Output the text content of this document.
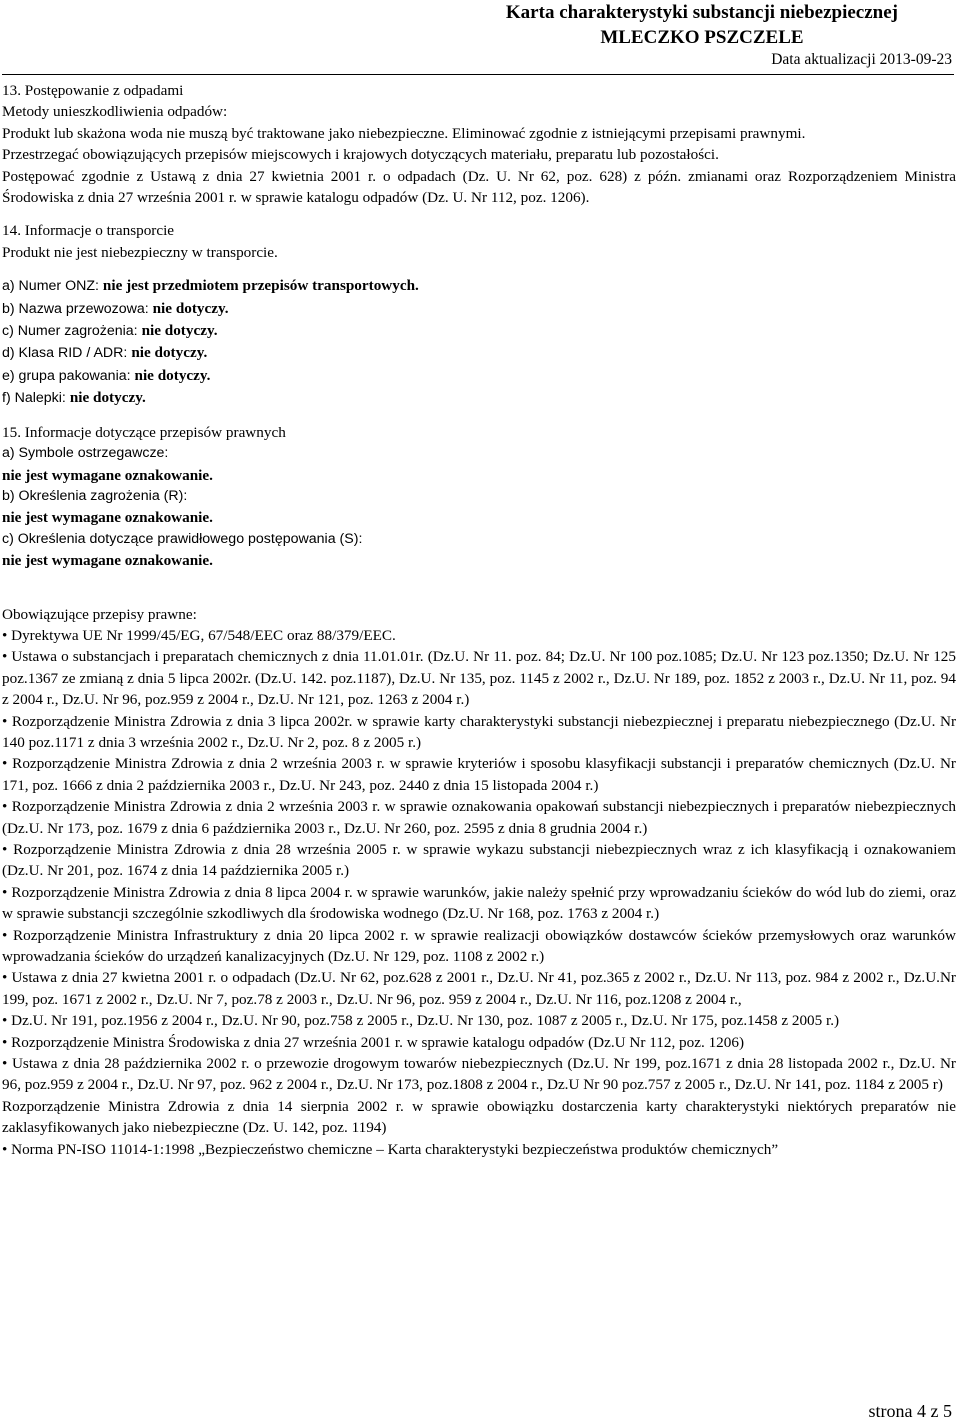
Karta charakterystyki substancji niebezpiecznej
MLECZKO PSZCZELE
Data aktualizacji 2013-09-23

13. Postępowanie z odpadami

Metody unieszkodliwienia odpadów:

Produkt lub skażona woda nie muszą być traktowane jako niebezpieczne. Eliminować zgodnie z istniejącymi przepisami prawnymi.

Przestrzegać obowiązujących przepisów miejscowych i krajowych dotyczących materiału, preparatu lub pozostałości.

Postępować zgodnie z Ustawą z dnia 27 kwietnia 2001 r. o odpadach (Dz. U. Nr 62, poz. 628) z późn. zmianami oraz Rozporządzeniem Ministra Środowiska z dnia 27 września 2001 r. w sprawie katalogu odpadów (Dz. U. Nr 112, poz. 1206).

14. Informacje o transporcie

Produkt nie jest niebezpieczny w transporcie.

a) Numer ONZ: nie jest przedmiotem przepisów transportowych.

b) Nazwa przewozowa: nie dotyczy.

c) Numer zagrożenia: nie dotyczy.

d) Klasa RID / ADR: nie dotyczy.

e) grupa pakowania: nie dotyczy.

f) Nalepki: nie dotyczy.

15. Informacje dotyczące przepisów prawnych

a) Symbole ostrzegawcze:

nie jest wymagane oznakowanie.

b) Określenia zagrożenia (R):

nie jest wymagane oznakowanie.

c) Określenia dotyczące prawidłowego postępowania (S):

nie jest wymagane oznakowanie.

Obowiązujące przepisy prawne:

• Dyrektywa UE Nr 1999/45/EG, 67/548/EEC oraz 88/379/EEC.

• Ustawa o substancjach i preparatach chemicznych z dnia 11.01.01r. (Dz.U. Nr 11. poz. 84; Dz.U. Nr 100 poz.1085; Dz.U. Nr 123 poz.1350; Dz.U. Nr 125 poz.1367 ze zmianą z dnia 5 lipca 2002r. (Dz.U. 142. poz.1187), Dz.U. Nr 135, poz. 1145 z 2002 r., Dz.U. Nr 189, poz. 1852 z 2003 r., Dz.U. Nr 11, poz. 94 z 2004 r., Dz.U. Nr 96, poz.959 z 2004 r., Dz.U. Nr 121, poz. 1263 z 2004 r.)

• Rozporządzenie Ministra Zdrowia z dnia 3 lipca 2002r. w sprawie karty charakterystyki substancji niebezpiecznej i preparatu niebezpiecznego (Dz.U. Nr 140 poz.1171 z dnia 3 września 2002 r., Dz.U. Nr 2, poz. 8 z 2005 r.)

• Rozporządzenie Ministra Zdrowia z dnia 2 września 2003 r. w sprawie kryteriów i sposobu klasyfikacji substancji i preparatów chemicznych (Dz.U. Nr 171, poz. 1666 z dnia 2 października 2003 r., Dz.U. Nr 243, poz. 2440 z dnia 15 listopada 2004 r.)

• Rozporządzenie Ministra Zdrowia z dnia 2 września 2003 r. w sprawie oznakowania opakowań substancji niebezpiecznych i preparatów niebezpiecznych (Dz.U. Nr 173, poz. 1679 z dnia 6 października 2003 r., Dz.U. Nr 260, poz. 2595 z dnia 8 grudnia 2004 r.)

• Rozporządzenie Ministra Zdrowia z dnia 28 września 2005 r. w sprawie wykazu substancji niebezpiecznych wraz z ich klasyfikacją i oznakowaniem (Dz.U. Nr 201, poz. 1674 z dnia 14 października 2005 r.)

• Rozporządzenie Ministra Zdrowia z dnia 8 lipca 2004 r. w sprawie warunków, jakie należy spełnić przy wprowadzaniu ścieków do wód lub do ziemi, oraz w sprawie substancji szczególnie szkodliwych dla środowiska wodnego (Dz.U. Nr 168, poz. 1763 z 2004 r.)

• Rozporządzenie Ministra Infrastruktury z dnia 20 lipca 2002 r. w sprawie realizacji obowiązków dostawców ścieków przemysłowych oraz warunków wprowadzania ścieków do urządzeń kanalizacyjnych (Dz.U. Nr 129, poz. 1108 z 2002 r.)

• Ustawa z dnia 27 kwietna 2001 r. o odpadach (Dz.U. Nr 62, poz.628 z 2001 r., Dz.U. Nr 41, poz.365 z 2002 r., Dz.U. Nr 113, poz. 984 z 2002 r., Dz.U.Nr 199, poz. 1671 z 2002 r., Dz.U. Nr 7, poz.78 z 2003 r., Dz.U. Nr 96, poz. 959 z 2004 r., Dz.U. Nr 116, poz.1208 z 2004 r.,

• Dz.U. Nr 191, poz.1956 z 2004 r., Dz.U. Nr 90, poz.758 z 2005 r., Dz.U. Nr 130, poz. 1087 z 2005 r., Dz.U. Nr 175, poz.1458 z 2005 r.)

• Rozporządzenie Ministra Środowiska z dnia 27 września 2001 r. w sprawie katalogu odpadów (Dz.U Nr 112, poz. 1206)

• Ustawa z dnia 28 października 2002 r. o przewozie drogowym towarów niebezpiecznych (Dz.U. Nr 199, poz.1671 z dnia 28 listopada 2002 r., Dz.U. Nr 96, poz.959 z 2004 r., Dz.U. Nr 97, poz. 962 z 2004 r., Dz.U. Nr 173, poz.1808 z 2004 r., Dz.U Nr 90 poz.757 z 2005 r., Dz.U. Nr 141, poz. 1184 z 2005 r)

Rozporządzenie Ministra Zdrowia z dnia 14 sierpnia 2002 r. w sprawie obowiązku dostarczenia karty charakterystyki niektórych preparatów nie zaklasyfikowanych jako niebezpieczne (Dz. U. 142, poz. 1194)

• Norma PN-ISO 11014-1:1998 „Bezpieczeństwo chemiczne – Karta charakterystyki bezpieczeństwa produktów chemicznych”

strona 4 z 5
